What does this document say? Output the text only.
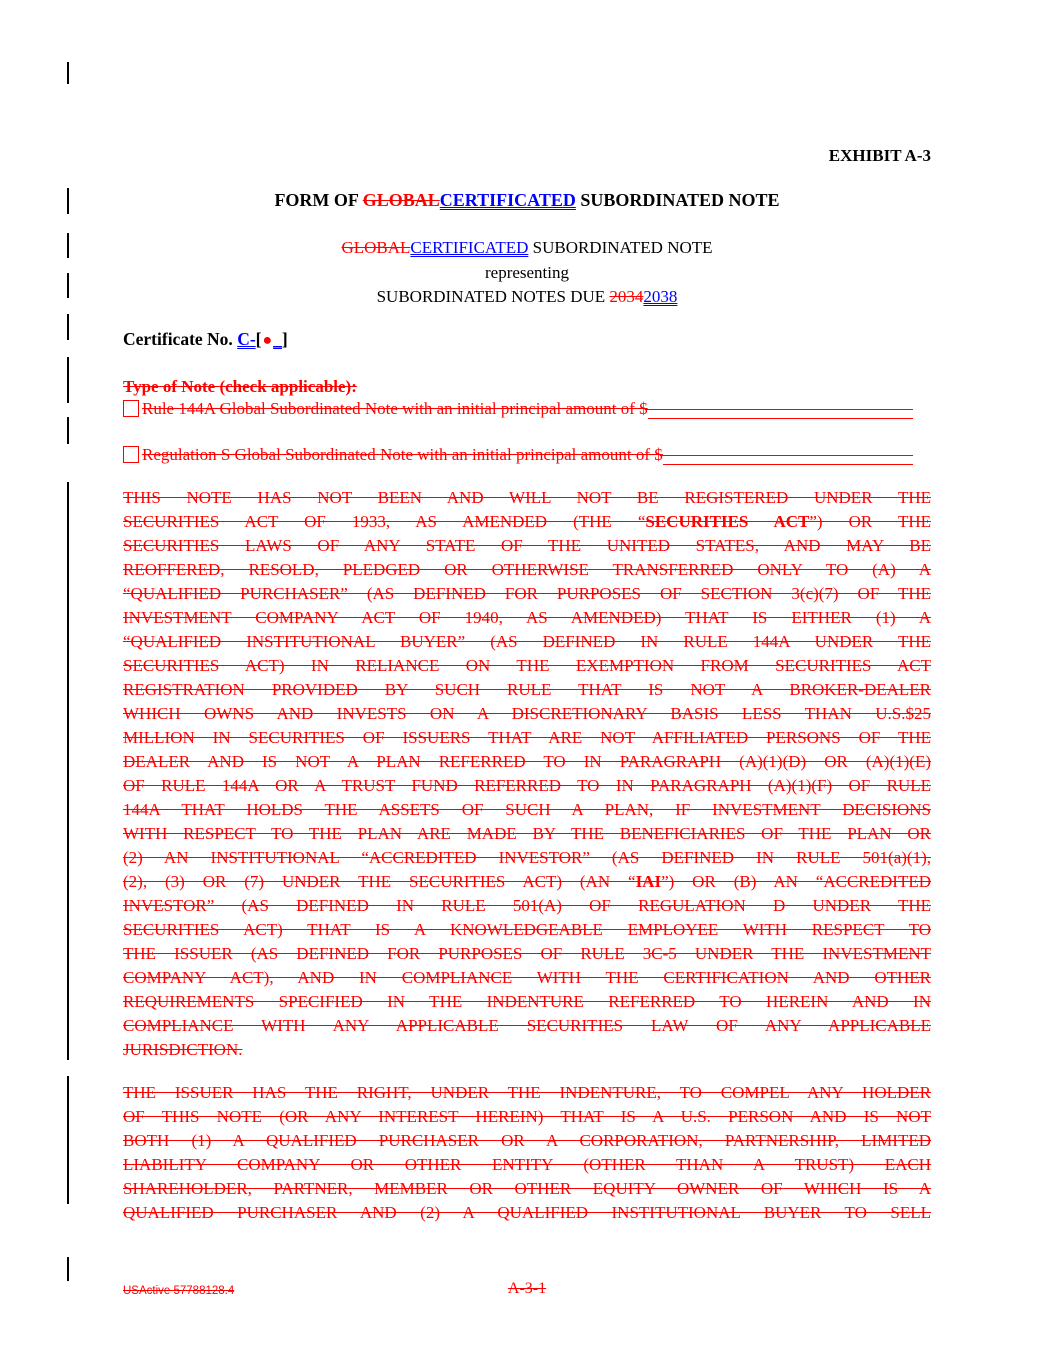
EXHIBIT A-3
FORM OF GLOBALCERTIFICATED SUBORDINATED NOTE
GLOBALCERTIFICATED SUBORDINATED NOTE
representing
SUBORDINATED NOTES DUE 20342038
Certificate No. C-[●_]
Type of Note (check applicable):
Rule 144A Global Subordinated Note with an initial principal amount of $
Regulation S Global Subordinated Note with an initial principal amount of $
THIS NOTE HAS NOT BEEN AND WILL NOT BE REGISTERED UNDER THE
SECURITIES ACT OF 1933, AS AMENDED (THE “SECURITIES ACT”) OR THE
SECURITIES LAWS OF ANY STATE OF THE UNITED STATES, AND MAY BE
REOFFERED, RESOLD, PLEDGED OR OTHERWISE TRANSFERRED ONLY TO (A) A
“QUALIFIED PURCHASER” (AS DEFINED FOR PURPOSES OF SECTION 3(c)(7) OF THE
INVESTMENT COMPANY ACT OF 1940, AS AMENDED) THAT IS EITHER (1) A
“QUALIFIED INSTITUTIONAL BUYER” (AS DEFINED IN RULE 144A UNDER THE
SECURITIES ACT) IN RELIANCE ON THE EXEMPTION FROM SECURITIES ACT
REGISTRATION PROVIDED BY SUCH RULE THAT IS NOT A BROKER-DEALER
WHICH OWNS AND INVESTS ON A DISCRETIONARY BASIS LESS THAN U.S.$25
MILLION IN SECURITIES OF ISSUERS THAT ARE NOT AFFILIATED PERSONS OF THE
DEALER AND IS NOT A PLAN REFERRED TO IN PARAGRAPH (A)(1)(D) OR (A)(1)(E)
OF RULE 144A OR A TRUST FUND REFERRED TO IN PARAGRAPH (A)(1)(F) OF RULE
144A THAT HOLDS THE ASSETS OF SUCH A PLAN, IF INVESTMENT DECISIONS
WITH RESPECT TO THE PLAN ARE MADE BY THE BENEFICIARIES OF THE PLAN OR
(2) AN INSTITUTIONAL “ACCREDITED INVESTOR” (AS DEFINED IN RULE 501(a)(1),
(2), (3) OR (7) UNDER THE SECURITIES ACT) (AN “IAI”) OR (B) AN “ACCREDITED
INVESTOR” (AS DEFINED IN RULE 501(A) OF REGULATION D UNDER THE
SECURITIES ACT) THAT IS A KNOWLEDGEABLE EMPLOYEE WITH RESPECT TO
THE ISSUER (AS DEFINED FOR PURPOSES OF RULE 3C-5 UNDER THE INVESTMENT
COMPANY ACT), AND IN COMPLIANCE WITH THE CERTIFICATION AND OTHER
REQUIREMENTS SPECIFIED IN THE INDENTURE REFERRED TO HEREIN AND IN
COMPLIANCE WITH ANY APPLICABLE SECURITIES LAW OF ANY APPLICABLE
JURISDICTION.
THE ISSUER HAS THE RIGHT, UNDER THE INDENTURE, TO COMPEL ANY HOLDER
OF THIS NOTE (OR ANY INTEREST HEREIN) THAT IS A U.S. PERSON AND IS NOT
BOTH (1) A QUALIFIED PURCHASER OR A CORPORATION, PARTNERSHIP, LIMITED
LIABILITY COMPANY OR OTHER ENTITY (OTHER THAN A TRUST) EACH
SHAREHOLDER, PARTNER, MEMBER OR OTHER EQUITY OWNER OF WHICH IS A
QUALIFIED PURCHASER AND (2) A QUALIFIED INSTITUTIONAL BUYER TO SELL
USActive 57788128.4	A-3-1
